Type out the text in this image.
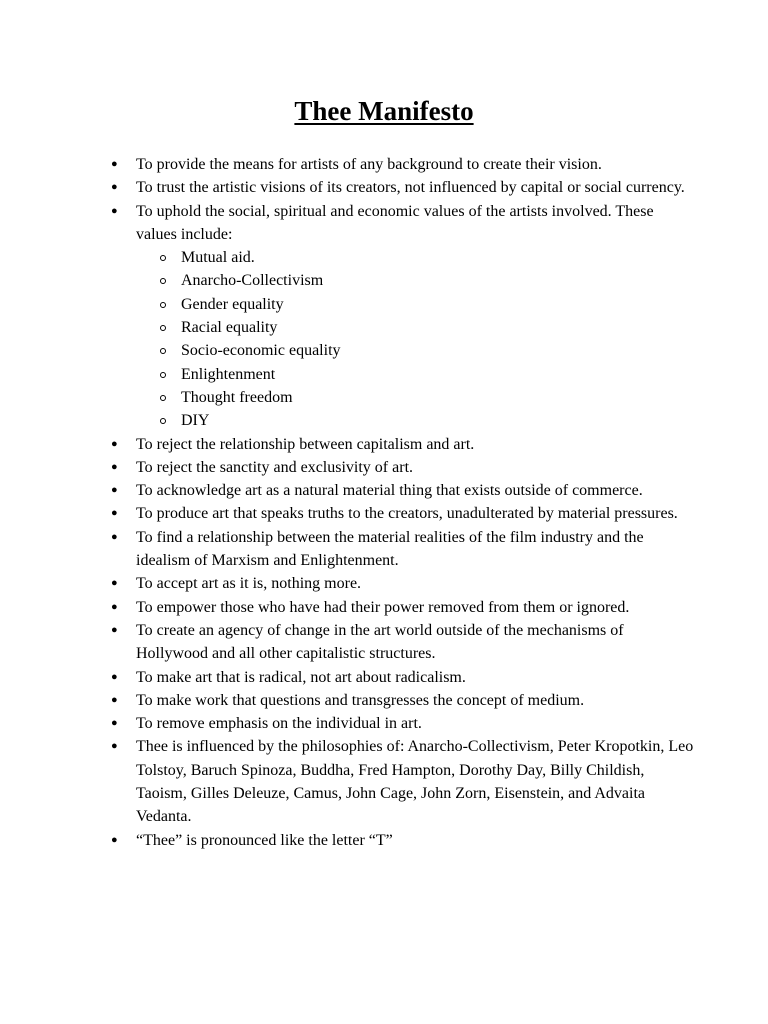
Thee Manifesto
● To provide the means for artists of any background to create their vision.
● To trust the artistic visions of its creators, not influenced by capital or social currency.
● To uphold the social, spiritual and economic values of the artists involved. These values include:
Mutual aid.
Anarcho-Collectivism
Gender equality
Racial equality
Socio-economic equality
Enlightenment
Thought freedom
DIY
● To reject the relationship between capitalism and art.
● To reject the sanctity and exclusivity of art.
● To acknowledge art as a natural material thing that exists outside of commerce.
● To produce art that speaks truths to the creators, unadulterated by material pressures.
● To find a relationship between the material realities of the film industry and the idealism of Marxism and Enlightenment.
● To accept art as it is, nothing more.
● To empower those who have had their power removed from them or ignored.
● To create an agency of change in the art world outside of the mechanisms of Hollywood and all other capitalistic structures.
● To make art that is radical, not art about radicalism.
● To make work that questions and transgresses the concept of medium.
● To remove emphasis on the individual in art.
● Thee is influenced by the philosophies of: Anarcho-Collectivism, Peter Kropotkin, Leo Tolstoy, Baruch Spinoza, Buddha, Fred Hampton, Dorothy Day, Billy Childish, Taoism, Gilles Deleuze, Camus, John Cage, John Zorn, Eisenstein, and Advaita Vedanta.
● “Thee” is pronounced like the letter “T”
